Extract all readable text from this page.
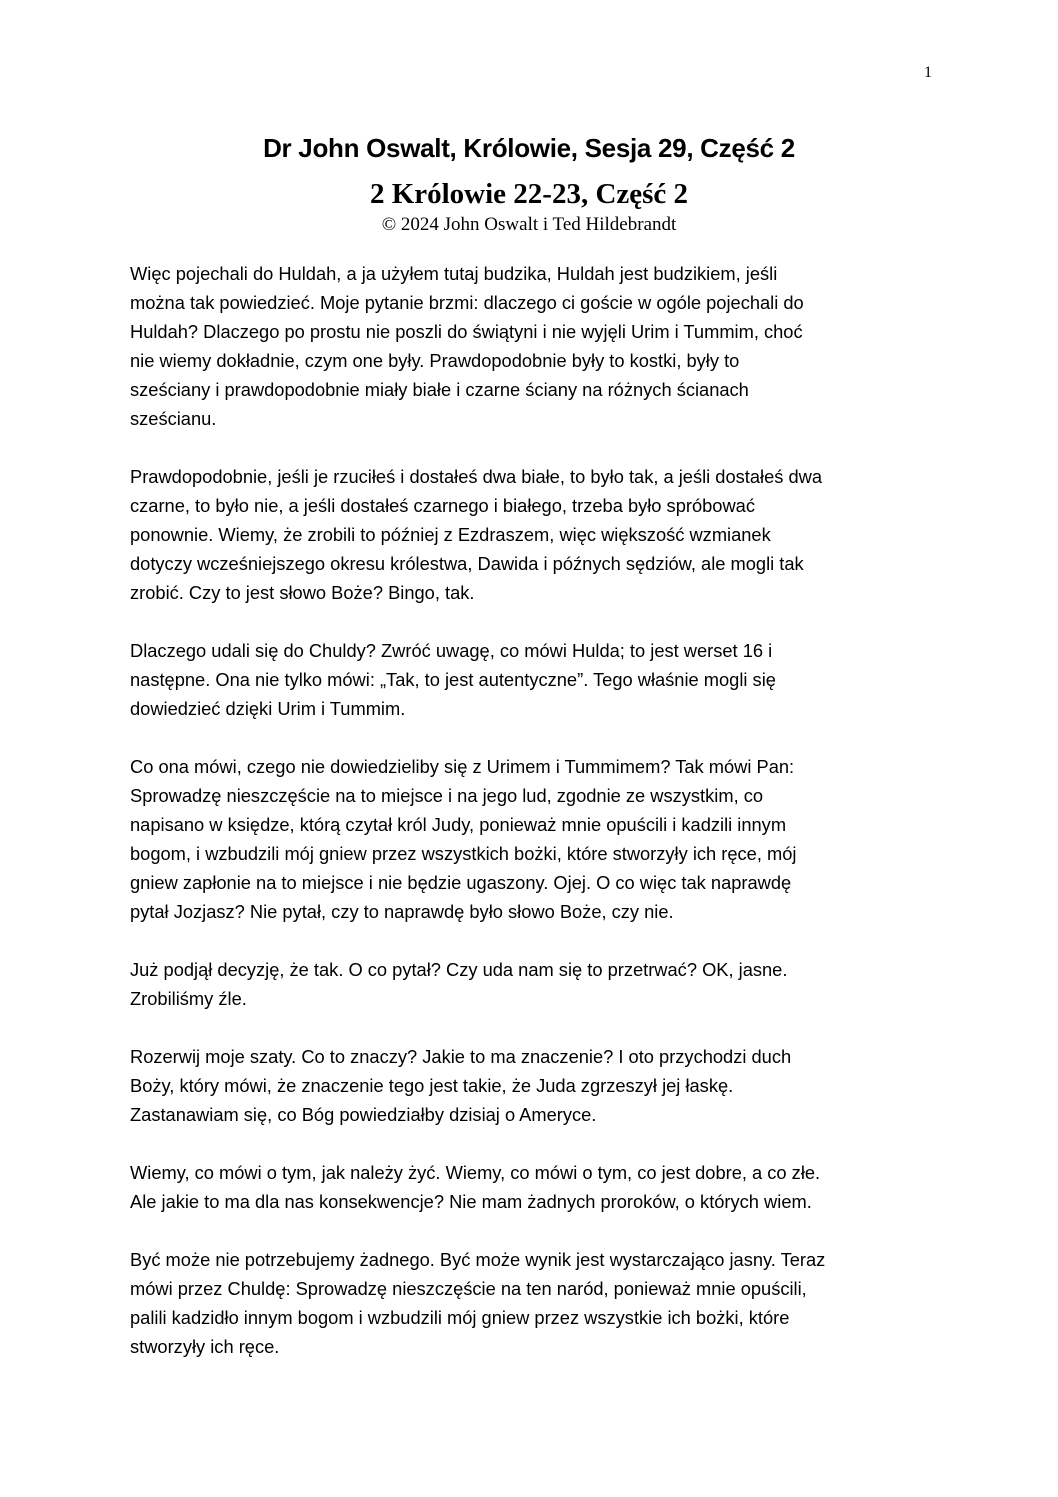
1
Dr John Oswalt, Królowie, Sesja 29, Część 2
2 Królowie 22-23, Część 2
© 2024 John Oswalt i Ted Hildebrandt

Więc pojechali do Huldah, a ja użyłem tutaj budzika, Huldah jest budzikiem, jeśli
można tak powiedzieć. Moje pytanie brzmi: dlaczego ci goście w ogóle pojechali do
Huldah? Dlaczego po prostu nie poszli do świątyni i nie wyjęli Urim i Tummim, choć
nie wiemy dokładnie, czym one były. Prawdopodobnie były to kostki, były to
sześciany i prawdopodobnie miały białe i czarne ściany na różnych ścianach
sześcianu.

Prawdopodobnie, jeśli je rzuciłeś i dostałeś dwa białe, to było tak, a jeśli dostałeś dwa
czarne, to było nie, a jeśli dostałeś czarnego i białego, trzeba było spróbować
ponownie. Wiemy, że zrobili to później z Ezdraszem, więc większość wzmianek
dotyczy wcześniejszego okresu królestwa, Dawida i późnych sędziów, ale mogli tak
zrobić. Czy to jest słowo Boże? Bingo, tak.

Dlaczego udali się do Chuldy? Zwróć uwagę, co mówi Hulda; to jest werset 16 i
następne. Ona nie tylko mówi: „Tak, to jest autentyczne”. Tego właśnie mogli się
dowiedzieć dzięki Urim i Tummim.

Co ona mówi, czego nie dowiedzieliby się z Urimem i Tummimem? Tak mówi Pan:
Sprowadzę nieszczęście na to miejsce i na jego lud, zgodnie ze wszystkim, co
napisano w księdze, którą czytał król Judy, ponieważ mnie opuścili i kadzili innym
bogom, i wzbudzili mój gniew przez wszystkich bożki, które stworzyły ich ręce, mój
gniew zapłonie na to miejsce i nie będzie ugaszony. Ojej. O co więc tak naprawdę
pytał Jozjasz? Nie pytał, czy to naprawdę było słowo Boże, czy nie.

Już podjął decyzję, że tak. O co pytał? Czy uda nam się to przetrwać? OK, jasne.
Zrobiliśmy źle.

Rozerwij moje szaty. Co to znaczy? Jakie to ma znaczenie? I oto przychodzi duch
Boży, który mówi, że znaczenie tego jest takie, że Juda zgrzeszył jej łaskę.
Zastanawiam się, co Bóg powiedziałby dzisiaj o Ameryce.

Wiemy, co mówi o tym, jak należy żyć. Wiemy, co mówi o tym, co jest dobre, a co złe.
Ale jakie to ma dla nas konsekwencje? Nie mam żadnych proroków, o których wiem.

Być może nie potrzebujemy żadnego. Być może wynik jest wystarczająco jasny. Teraz
mówi przez Chuldę: Sprowadzę nieszczęście na ten naród, ponieważ mnie opuścili,
palili kadzidło innym bogom i wzbudzili mój gniew przez wszystkie ich bożki, które
stworzyły ich ręce.
